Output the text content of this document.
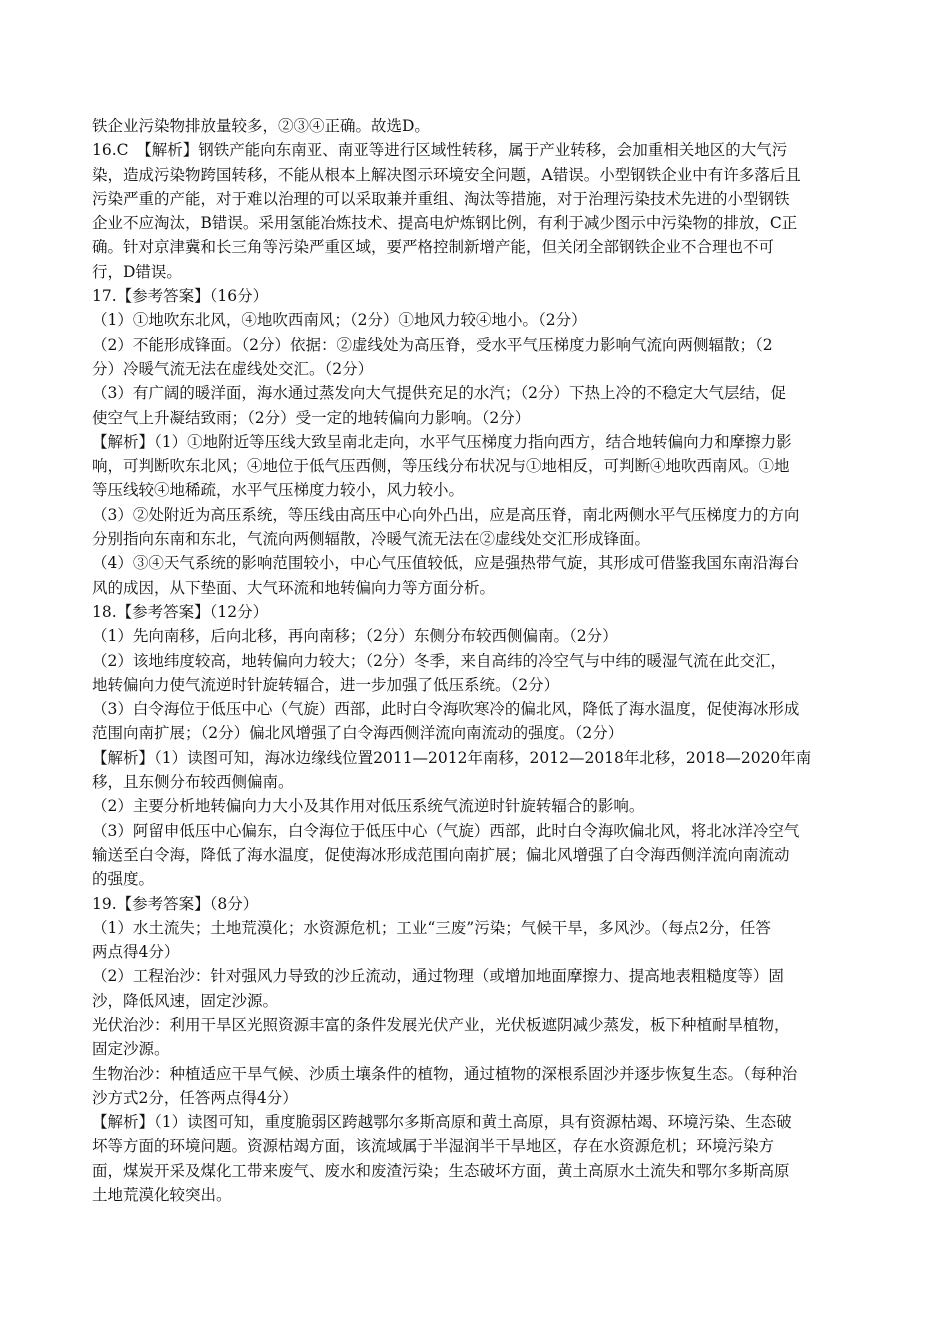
铁企业污染物排放量较多，②③④正确。故选D。
16.C　【解析】钢铁产能向东南亚、南亚等进行区域性转移，属于产业转移，会加重相关地区的大气污
染，造成污染物跨国转移，不能从根本上解决图示环境安全问题，A错误。小型钢铁企业中有许多落后且
污染严重的产能，对于难以治理的可以采取兼并重组、淘汰等措施，对于治理污染技术先进的小型钢铁
企业不应淘汰，B错误。采用氢能冶炼技术、提高电炉炼钢比例，有利于减少图示中污染物的排放，C正
确。针对京津冀和长三角等污染严重区域，要严格控制新增产能，但关闭全部钢铁企业不合理也不可
行，D错误。
17.【参考答案】（16分）
（1）①地吹东北风，④地吹西南风；（2分）①地风力较④地小。（2分）
（2）不能形成锋面。（2分）依据：②虚线处为高压脊，受水平气压梯度力影响气流向两侧辐散；（2
分）冷暖气流无法在虚线处交汇。（2分）
（3）有广阔的暖洋面，海水通过蒸发向大气提供充足的水汽；（2分）下热上冷的不稳定大气层结，促
使空气上升凝结致雨；（2分）受一定的地转偏向力影响。（2分）
【解析】（1）①地附近等压线大致呈南北走向，水平气压梯度力指向西方，结合地转偏向力和摩擦力影
响，可判断吹东北风；④地位于低气压西侧，等压线分布状况与①地相反，可判断④地吹西南风。①地
等压线较④地稀疏，水平气压梯度力较小，风力较小。
（3）②处附近为高压系统，等压线由高压中心向外凸出，应是高压脊，南北两侧水平气压梯度力的方向
分别指向东南和东北，气流向两侧辐散，冷暖气流无法在②虚线处交汇形成锋面。
（4）③④天气系统的影响范围较小，中心气压值较低，应是强热带气旋，其形成可借鉴我国东南沿海台
风的成因，从下垫面、大气环流和地转偏向力等方面分析。
18.【参考答案】（12分）
（1）先向南移，后向北移，再向南移；（2分）东侧分布较西侧偏南。（2分）
（2）该地纬度较高，地转偏向力较大；（2分）冬季，来自高纬的冷空气与中纬的暖湿气流在此交汇，
地转偏向力使气流逆时针旋转辐合，进一步加强了低压系统。（2分）
（3）白令海位于低压中心（气旋）西部，此时白令海吹寒冷的偏北风，降低了海水温度，促使海冰形成
范围向南扩展；（2分）偏北风增强了白令海西侧洋流向南流动的强度。（2分）
【解析】（1）读图可知，海冰边缘线位置2011—2012年南移，2012—2018年北移，2018—2020年南
移，且东侧分布较西侧偏南。
（2）主要分析地转偏向力大小及其作用对低压系统气流逆时针旋转辐合的影响。
（3）阿留申低压中心偏东，白令海位于低压中心（气旋）西部，此时白令海吹偏北风，将北冰洋冷空气
输送至白令海，降低了海水温度，促使海冰形成范围向南扩展；偏北风增强了白令海西侧洋流向南流动
的强度。
19.【参考答案】（8分）
（1）水土流失；土地荒漠化；水资源危机；工业“三废”污染；气候干旱，多风沙。（每点2分，任答
两点得4分）
（2）工程治沙：针对强风力导致的沙丘流动，通过物理（或增加地面摩擦力、提高地表粗糙度等）固
沙，降低风速，固定沙源。
光伏治沙：利用干旱区光照资源丰富的条件发展光伏产业，光伏板遮阴减少蒸发，板下种植耐旱植物，
固定沙源。
生物治沙：种植适应干旱气候、沙质土壤条件的植物，通过植物的深根系固沙并逐步恢复生态。（每种治
沙方式2分，任答两点得4分）
【解析】（1）读图可知，重度脆弱区跨越鄂尔多斯高原和黄土高原，具有资源枯竭、环境污染、生态破
坏等方面的环境问题。资源枯竭方面，该流域属于半湿润半干旱地区，存在水资源危机；环境污染方
面，煤炭开采及煤化工带来废气、废水和废渣污染；生态破坏方面，黄土高原水土流失和鄂尔多斯高原
土地荒漠化较突出。
